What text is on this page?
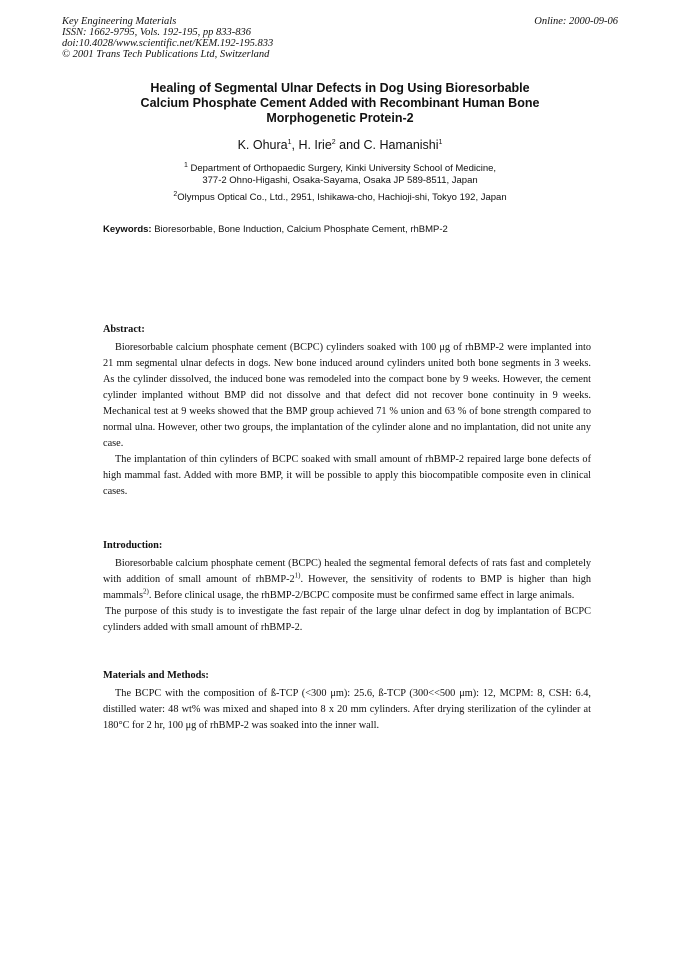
Key Engineering Materials
ISSN: 1662-9795, Vols. 192-195, pp 833-836
doi:10.4028/www.scientific.net/KEM.192-195.833
© 2001 Trans Tech Publications Ltd, Switzerland
Online: 2000-09-06
Healing of Segmental Ulnar Defects in Dog Using Bioresorbable
Calcium Phosphate Cement Added with Recombinant Human Bone
Morphogenetic Protein-2
K. Ohura$^1$, H. Irie$^2$ and C. Hamanishi$^1$
$^1$ Department of Orthopaedic Surgery, Kinki University School of Medicine,
377-2 Ohno-Higashi, Osaka-Sayama, Osaka JP 589-8511, Japan
$^2$Olympus Optical Co., Ltd., 2951, Ishikawa-cho, Hachioji-shi, Tokyo 192, Japan
Keywords: Bioresorbable, Bone Induction, Calcium Phosphate Cement, rhBMP-2
Abstract:
Bioresorbable calcium phosphate cement (BCPC) cylinders soaked with 100 μg of rhBMP-2 were implanted into 21 mm segmental ulnar defects in dogs. New bone induced around cylinders united both bone segments in 3 weeks. As the cylinder dissolved, the induced bone was remodeled into the compact bone by 9 weeks. However, the cement cylinder implanted without BMP did not dissolve and that defect did not recover bone continuity in 9 weeks. Mechanical test at 9 weeks showed that the BMP group achieved 71 % union and 63 % of bone strength compared to normal ulna. However, other two groups, the implantation of the cylinder alone and no implantation, did not unite any case.
The implantation of thin cylinders of BCPC soaked with small amount of rhBMP-2 repaired large bone defects of high mammal fast. Added with more BMP, it will be possible to apply this biocompatible composite even in clinical cases.
Introduction:
Bioresorbable calcium phosphate cement (BCPC) healed the segmental femoral defects of rats fast and completely with addition of small amount of rhBMP-2$^{1)}$. However, the sensitivity of rodents to BMP is higher than high mammals$^{2)}$. Before clinical usage, the rhBMP-2/BCPC composite must be confirmed same effect in large animals.
The purpose of this study is to investigate the fast repair of the large ulnar defect in dog by implantation of BCPC cylinders added with small amount of rhBMP-2.
Materials and Methods:
The BCPC with the composition of ß-TCP (<300 μm): 25.6, ß-TCP (300<<500 μm): 12, MCPM: 8, CSH: 6.4, distilled water: 48 wt% was mixed and shaped into 8 x 20 mm cylinders. After drying sterilization of the cylinder at 180°C for 2 hr, 100 μg of rhBMP-2 was soaked into the inner wall.
